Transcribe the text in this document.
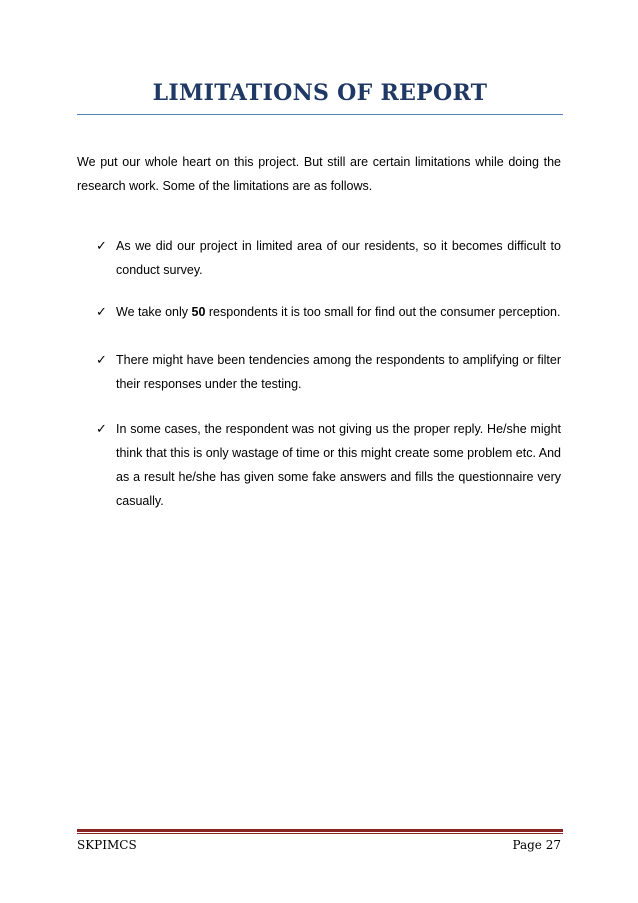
LIMITATIONS OF REPORT

We put our whole heart on this project. But still are certain limitations while doing the research work. Some of the limitations are as follows.

✓ As we did our project in limited area of our residents, so it becomes difficult to conduct survey.
✓ We take only 50 respondents it is too small for find out the consumer perception.
✓ There might have been tendencies among the respondents to amplifying or filter their responses under the testing.
✓ In some cases, the respondent was not giving us the proper reply. He/she might think that this is only wastage of time or this might create some problem etc. And as a result he/she has given some fake answers and fills the questionnaire very casually.
SKPIMCS	Page 27
